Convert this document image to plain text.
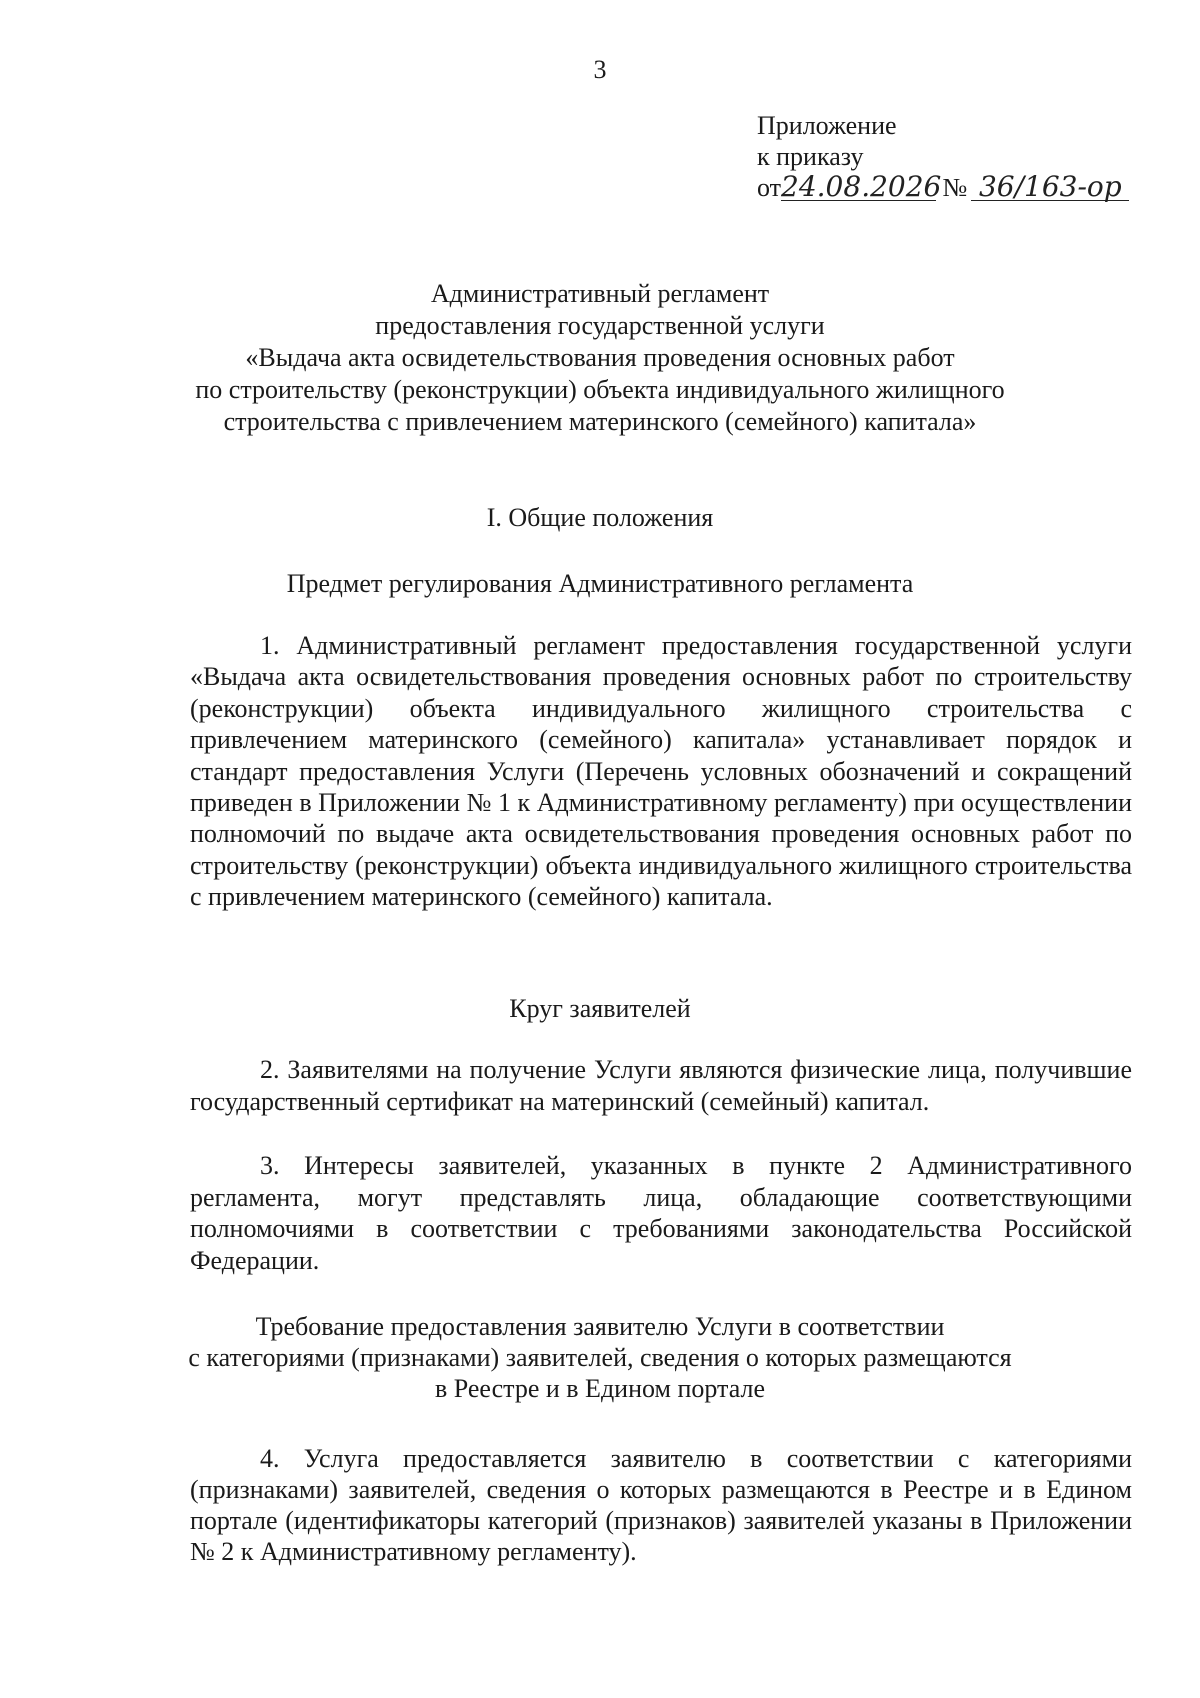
3
Приложение
к приказу
от24.08.2026 № 36/163-ор
Административный регламент
предоставления государственной услуги
«Выдача акта освидетельствования проведения основных работ
по строительству (реконструкции) объекта индивидуального жилищного
строительства с привлечением материнского (семейного) капитала»
I. Общие положения
Предмет регулирования Административного регламента

1. Административный регламент предоставления государственной услуги «Выдача акта освидетельствования проведения основных работ по строительству (реконструкции) объекта индивидуального жилищного строительства с привлечением материнского (семейного) капитала» устанавливает порядок и стандарт предоставления Услуги (Перечень условных обозначений и сокращений приведен в Приложении № 1 к Административному регламенту) при осуществлении полномочий по выдаче акта освидетельствования проведения основных работ по строительству (реконструкции) объекта индивидуального жилищного строительства с привлечением материнского (семейного) капитала.

Круг заявителей

2. Заявителями на получение Услуги являются физические лица, получившие государственный сертификат на материнский (семейный) капитал.

3. Интересы заявителей, указанных в пункте 2 Административного регламента, могут представлять лица, обладающие соответствующими полномочиями в соответствии с требованиями законодательства Российской Федерации.

Требование предоставления заявителю Услуги в соответствии
с категориями (признаками) заявителей, сведения о которых размещаются
в Реестре и в Едином портале

4. Услуга предоставляется заявителю в соответствии с категориями (признаками) заявителей, сведения о которых размещаются в Реестре и в Едином портале (идентификаторы категорий (признаков) заявителей указаны в Приложении № 2 к Административному регламенту).
